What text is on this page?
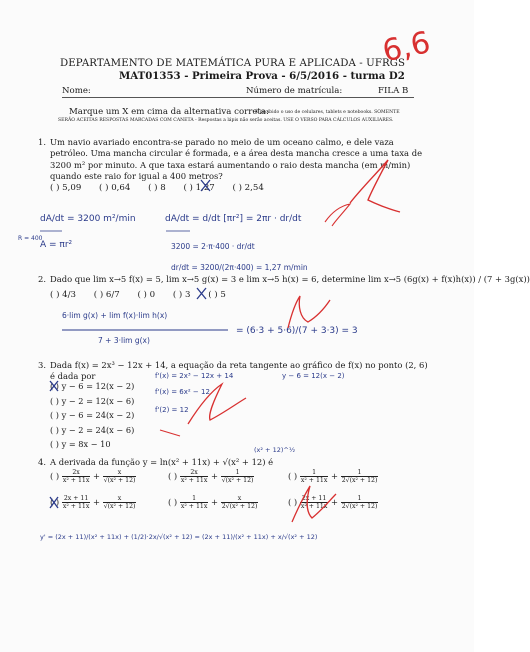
DEPARTAMENTO DE MATEMÁTICA PURA E APLICADA - UFRGS
MAT01353 - Primeira Prova - 6/5/2016 - turma D2
Nome:	Número de matrícula:	FILA B
Marque um X em cima da alternativa correta:
É proibido o uso de celulares, tablets e notebooks. SOMENTE
SERÃO ACEITAS RESPOSTAS MARCADAS COM CANETA - Respostas a lápis não serão aceitas. USE O VERSO PARA CÁLCULOS AUXILIARES.
1. Um navio avariado encontra-se parado no meio de um oceano calmo, e dele vaza petróleo. Uma mancha circular é formada, e a área desta mancha cresce a uma taxa de 3200 m² por minuto. A que taxa estará aumentando o raio desta mancha (em m/min) quando este raio for igual a 400 metros?
( ) 5,09 ( ) 0,64 ( ) 8 ( ) 1,27 ( ) 2,54
2. Dado que lim x→5 f(x) = 5, lim x→5 g(x) = 3 e lim x→5 h(x) = 6, determine lim x→5 (6g(x) + f(x)h(x)) / (7 + 3g(x))
( ) 4/3 ( ) 6/7 ( ) 0 ( ) 3 ( ) 5
3. Dada f(x) = 2x³ − 12x + 14, a equação da reta tangente ao gráfico de f(x) no ponto (2, 6) é dada por
( ) y − 6 = 12(x − 2)
( ) y − 2 = 12(x − 6)
( ) y − 6 = 24(x − 2)
( ) y − 2 = 24(x − 6)
( ) y = 8x − 10
4. A derivada da função y = ln(x² + 11x) + √(x² + 12) é
( ) $\frac{2x}{\text{x² + 11x}} + \frac{x}{\text{√(x² + 12)}}$	( ) $\frac{2x}{\text{x² + 11x}} + \frac{1}{\text{√(x² + 12)}}$	( ) $\frac{1}{\text{x² + 11x}} + \frac{1}{\text{2√(x² + 12)}}$
( ) $\frac{2x + 11}{\text{x² + 11x}} + \frac{x}{\text{√(x² + 12)}}$	( ) $\frac{1}{\text{x² + 11x}} + \frac{x}{\text{2√(x² + 12)}}$	( ) $\frac{2x + 11}{\text{x² + 11x}} + \frac{1}{\text{2√(x² + 12)}}$
6,6
dA/dt = 3200 m²/min	dA/dt = d/dt [πr²] = 2πr · dr/dt
R = 400
A = πr²	3200 = 2·π·400 · dr/dt
dr/dt = 3200/(2π·400) = 1,27 m/min
6·lim g(x) + lim f(x)·lim h(x)
7 + 3·lim g(x)
= (6·3 + 5·6)/(7 + 3·3) = 3
f'(x) = 2x³ − 12x + 14
f'(x) = 6x² − 12
f'(2) = 12
y − 6 = 12(x − 2)
(x² + 12)^½
y' = (2x + 11)/(x² + 11x) + (1/2)·2x/√(x² + 12) = (2x + 11)/(x² + 11x) + x/√(x² + 12)
